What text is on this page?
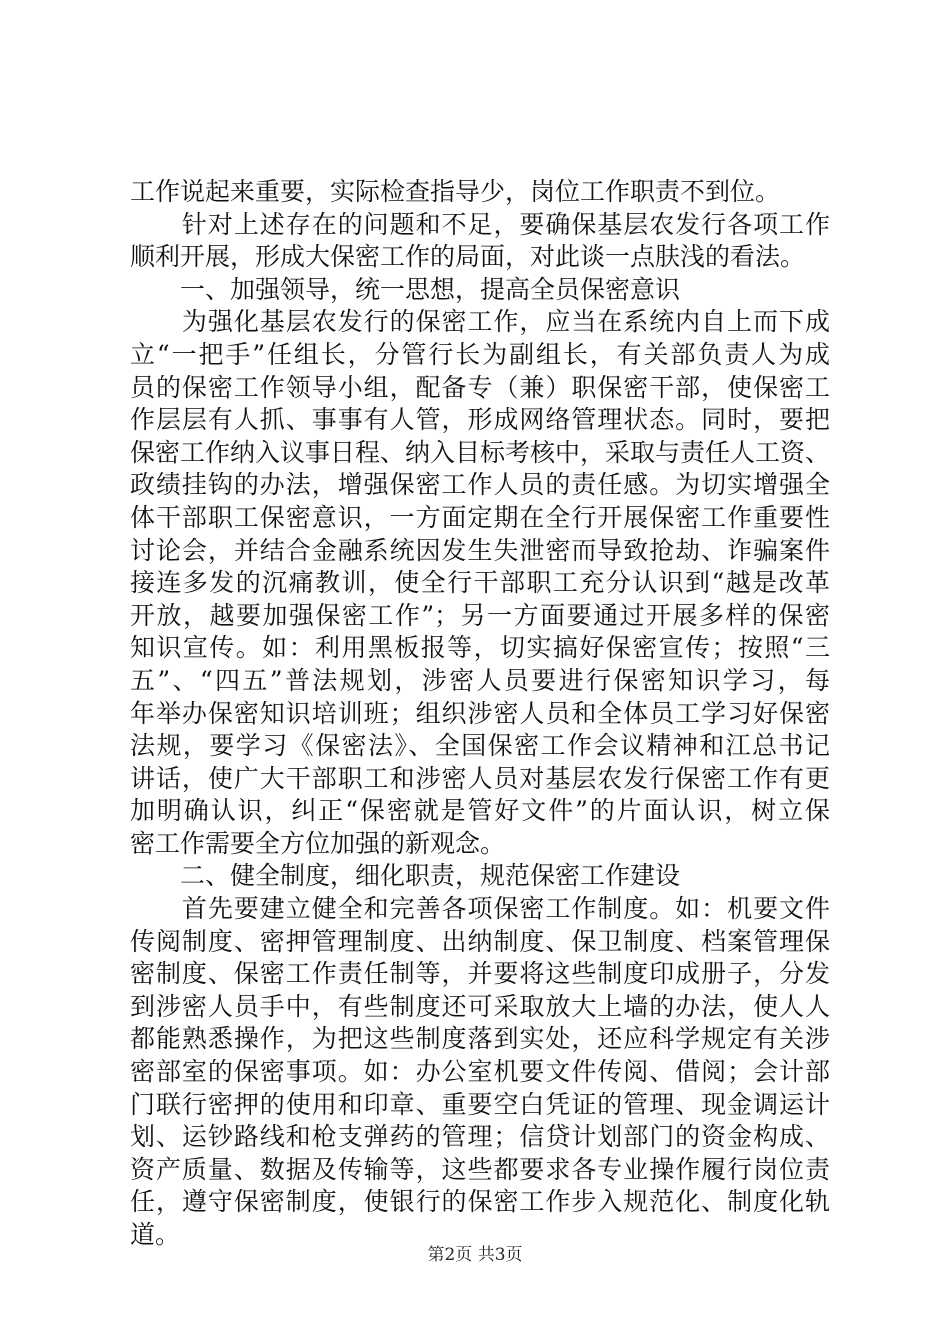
工作说起来重要，实际检查指导少，岗位工作职责不到位。
　　针对上述存在的问题和不足，要确保基层农发行各项工作
顺利开展，形成大保密工作的局面，对此谈一点肤浅的看法。
　　一、加强领导，统一思想，提高全员保密意识
　　为强化基层农发行的保密工作，应当在系统内自上而下成
立“一把手”任组长，分管行长为副组长，有关部负责人为成
员的保密工作领导小组，配备专（兼）职保密干部，使保密工
作层层有人抓、事事有人管，形成网络管理状态。同时，要把
保密工作纳入议事日程、纳入目标考核中，采取与责任人工资、
政绩挂钩的办法，增强保密工作人员的责任感。为切实增强全
体干部职工保密意识，一方面定期在全行开展保密工作重要性
讨论会，并结合金融系统因发生失泄密而导致抢劫、诈骗案件
接连多发的沉痛教训，使全行干部职工充分认识到“越是改革
开放，越要加强保密工作”；另一方面要通过开展多样的保密
知识宣传。如：利用黑板报等，切实搞好保密宣传；按照“三
五”、“四五”普法规划，涉密人员要进行保密知识学习，每
年举办保密知识培训班；组织涉密人员和全体员工学习好保密
法规，要学习《保密法》、全国保密工作会议精神和江总书记
讲话，使广大干部职工和涉密人员对基层农发行保密工作有更
加明确认识，纠正“保密就是管好文件”的片面认识，树立保
密工作需要全方位加强的新观念。
　　二、健全制度，细化职责，规范保密工作建设
　　首先要建立健全和完善各项保密工作制度。如：机要文件
传阅制度、密押管理制度、出纳制度、保卫制度、档案管理保
密制度、保密工作责任制等，并要将这些制度印成册子，分发
到涉密人员手中，有些制度还可采取放大上墙的办法，使人人
都能熟悉操作，为把这些制度落到实处，还应科学规定有关涉
密部室的保密事项。如：办公室机要文件传阅、借阅；会计部
门联行密押的使用和印章、重要空白凭证的管理、现金调运计
划、运钞路线和枪支弹药的管理；信贷计划部门的资金构成、
资产质量、数据及传输等，这些都要求各专业操作履行岗位责
任，遵守保密制度，使银行的保密工作步入规范化、制度化轨
道。
第2页 共3页
